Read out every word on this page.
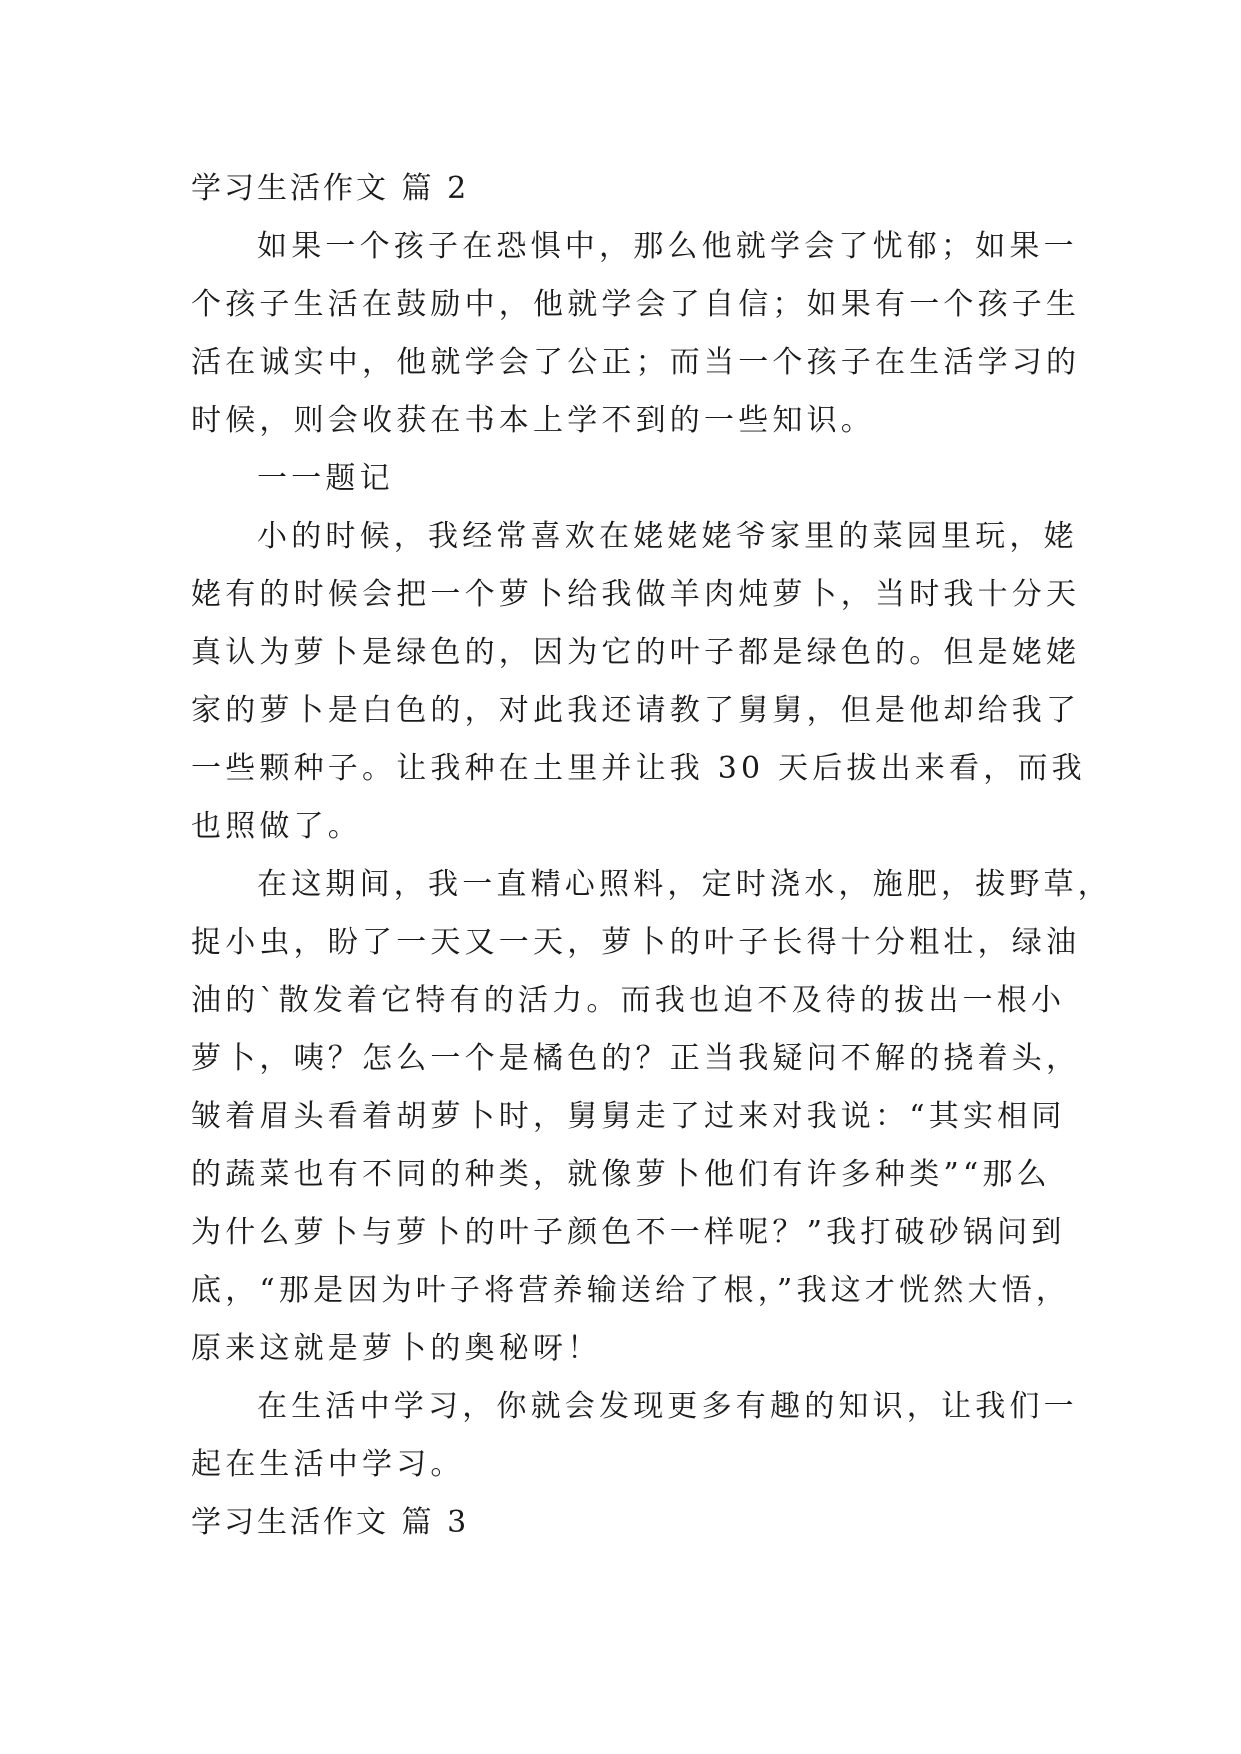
学习生活作文 篇 2
如果一个孩子在恐惧中，那么他就学会了忧郁；如果一
个孩子生活在鼓励中，他就学会了自信；如果有一个孩子生
活在诚实中，他就学会了公正；而当一个孩子在生活学习的
时候，则会收获在书本上学不到的一些知识。
一一题记
小的时候，我经常喜欢在姥姥姥爷家里的菜园里玩，姥
姥有的时候会把一个萝卜给我做羊肉炖萝卜，当时我十分天
真认为萝卜是绿色的，因为它的叶子都是绿色的。但是姥姥
家的萝卜是白色的，对此我还请教了舅舅，但是他却给我了
一些颗种子。让我种在土里并让我 30 天后拔出来看，而我
也照做了。
在这期间，我一直精心照料，定时浇水，施肥，拔野草，
捉小虫，盼了一天又一天，萝卜的叶子长得十分粗壮，绿油
油的`散发着它特有的活力。而我也迫不及待的拔出一根小
萝卜，咦？怎么一个是橘色的？正当我疑问不解的挠着头，
皱着眉头看着胡萝卜时，舅舅走了过来对我说：“其实相同
的蔬菜也有不同的种类，就像萝卜他们有许多种类”“那么
为什么萝卜与萝卜的叶子颜色不一样呢？”我打破砂锅问到
底，“那是因为叶子将营养输送给了根，”我这才恍然大悟，
原来这就是萝卜的奥秘呀！
在生活中学习，你就会发现更多有趣的知识，让我们一
起在生活中学习。
学习生活作文 篇 3
